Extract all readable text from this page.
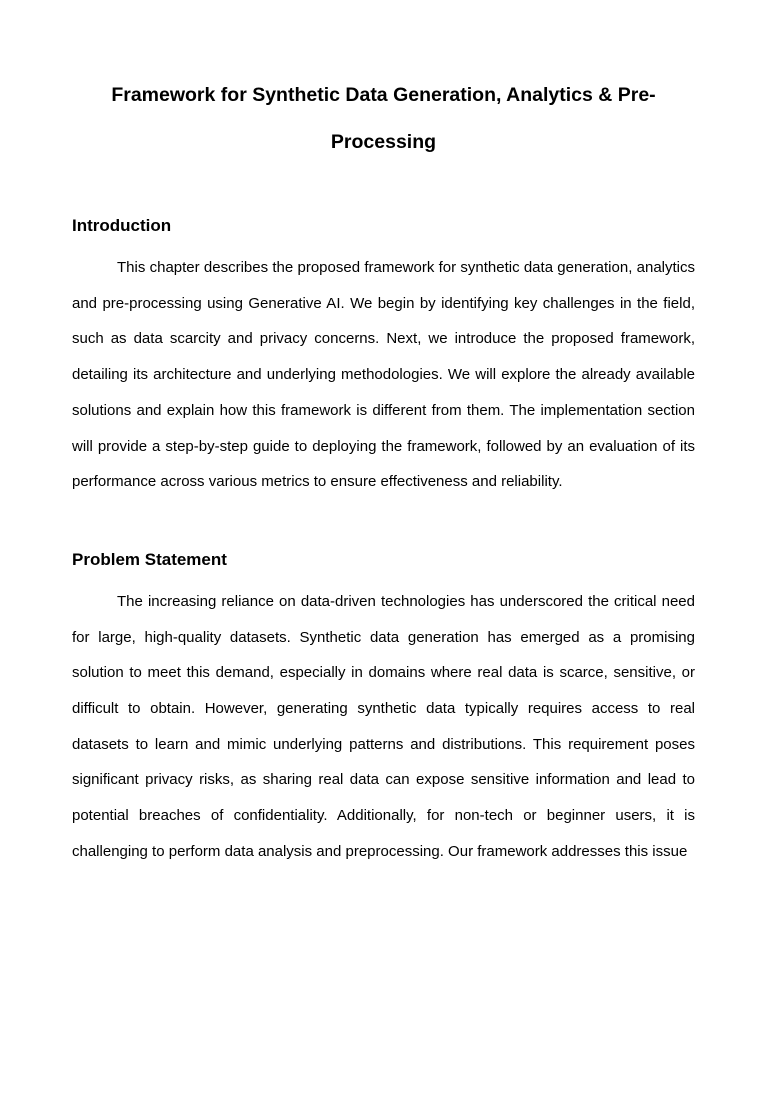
Framework for Synthetic Data Generation, Analytics & Pre-Processing
Introduction

This chapter describes the proposed framework for synthetic data generation, analytics and pre-processing using Generative AI. We begin by identifying key challenges in the field, such as data scarcity and privacy concerns. Next, we introduce the proposed framework, detailing its architecture and underlying methodologies. We will explore the already available solutions and explain how this framework is different from them. The implementation section will provide a step-by-step guide to deploying the framework, followed by an evaluation of its performance across various metrics to ensure effectiveness and reliability.

Problem Statement

The increasing reliance on data-driven technologies has underscored the critical need for large, high-quality datasets. Synthetic data generation has emerged as a promising solution to meet this demand, especially in domains where real data is scarce, sensitive, or difficult to obtain. However, generating synthetic data typically requires access to real datasets to learn and mimic underlying patterns and distributions. This requirement poses significant privacy risks, as sharing real data can expose sensitive information and lead to potential breaches of confidentiality. Additionally, for non-tech or beginner users, it is challenging to perform data analysis and preprocessing. Our framework addresses this issue
